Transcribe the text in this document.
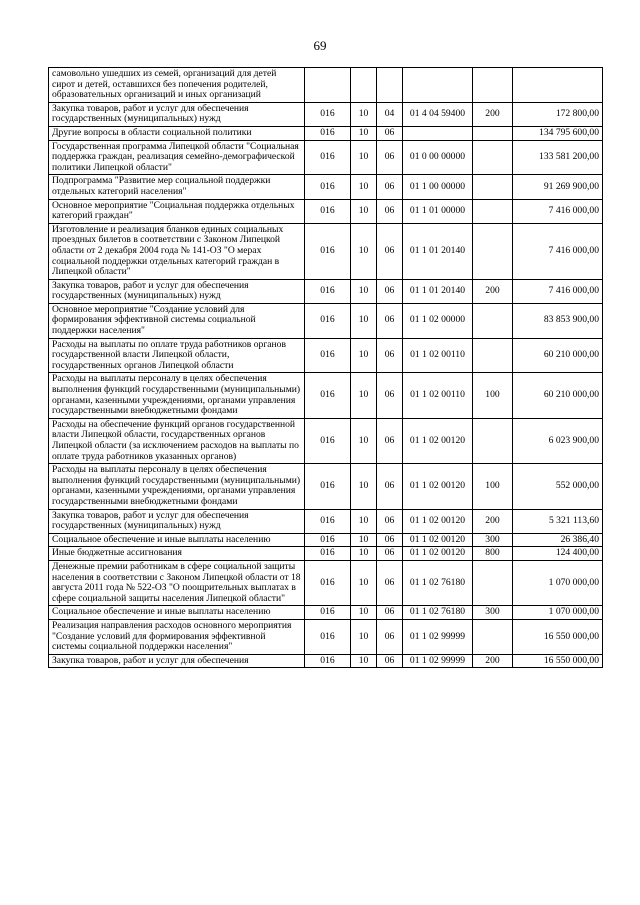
69
самовольно ушедших из семей, организаций для детей сирот и детей, оставшихся без попечения родителей, образовательных организаций и иных организаций						
Закупка товаров, работ и услуг для обеспечения государственных (муниципальных) нужд	016	10	04	01 4 04 59400	200	172 800,00
Другие вопросы в области социальной политики	016	10	06			134 795 600,00
Государственная программа Липецкой области "Социальная поддержка граждан, реализация семейно-демографической политики Липецкой области"	016	10	06	01 0 00 00000		133 581 200,00
Подпрограмма "Развитие мер социальной поддержки отдельных категорий населения"	016	10	06	01 1 00 00000		91 269 900,00
Основное мероприятие "Социальная поддержка отдельных категорий граждан"	016	10	06	01 1 01 00000		7 416 000,00
Изготовление и реализация бланков единых социальных проездных билетов в соответствии с Законом Липецкой области от 2 декабря 2004 года № 141-ОЗ "О мерах социальной поддержки отдельных категорий граждан в Липецкой области"	016	10	06	01 1 01 20140		7 416 000,00
Закупка товаров, работ и услуг для обеспечения государственных (муниципальных) нужд	016	10	06	01 1 01 20140	200	7 416 000,00
Основное мероприятие "Создание условий для формирования эффективной системы социальной поддержки населения"	016	10	06	01 1 02 00000		83 853 900,00
Расходы на выплаты по оплате труда работников органов государственной власти Липецкой области, государственных органов Липецкой области	016	10	06	01 1 02 00110		60 210 000,00
Расходы на выплаты персоналу в целях обеспечения выполнения функций государственными (муниципальными) органами, казенными учреждениями, органами управления государственными внебюджетными фондами	016	10	06	01 1 02 00110	100	60 210 000,00
Расходы на обеспечение функций органов государственной власти Липецкой области, государственных органов Липецкой области (за исключением расходов на выплаты по оплате труда работников указанных органов)	016	10	06	01 1 02 00120		6 023 900,00
Расходы на выплаты персоналу в целях обеспечения выполнения функций государственными (муниципальными) органами, казенными учреждениями, органами управления государственными внебюджетными фондами	016	10	06	01 1 02 00120	100	552 000,00
Закупка товаров, работ и услуг для обеспечения государственных (муниципальных) нужд	016	10	06	01 1 02 00120	200	5 321 113,60
Социальное обеспечение и иные выплаты населению	016	10	06	01 1 02 00120	300	26 386,40
Иные бюджетные ассигнования	016	10	06	01 1 02 00120	800	124 400,00
Денежные премии работникам в сфере социальной защиты населения в соответствии с Законом Липецкой области от 18 августа 2011 года № 522-ОЗ "О поощрительных выплатах в сфере социальной защиты населения Липецкой области"	016	10	06	01 1 02 76180		1 070 000,00
Социальное обеспечение и иные выплаты населению	016	10	06	01 1 02 76180	300	1 070 000,00
Реализация направления расходов основного мероприятия "Создание условий для формирования эффективной системы социальной поддержки населения"	016	10	06	01 1 02 99999		16 550 000,00
Закупка товаров, работ и услуг для обеспечения	016	10	06	01 1 02 99999	200	16 550 000,00
